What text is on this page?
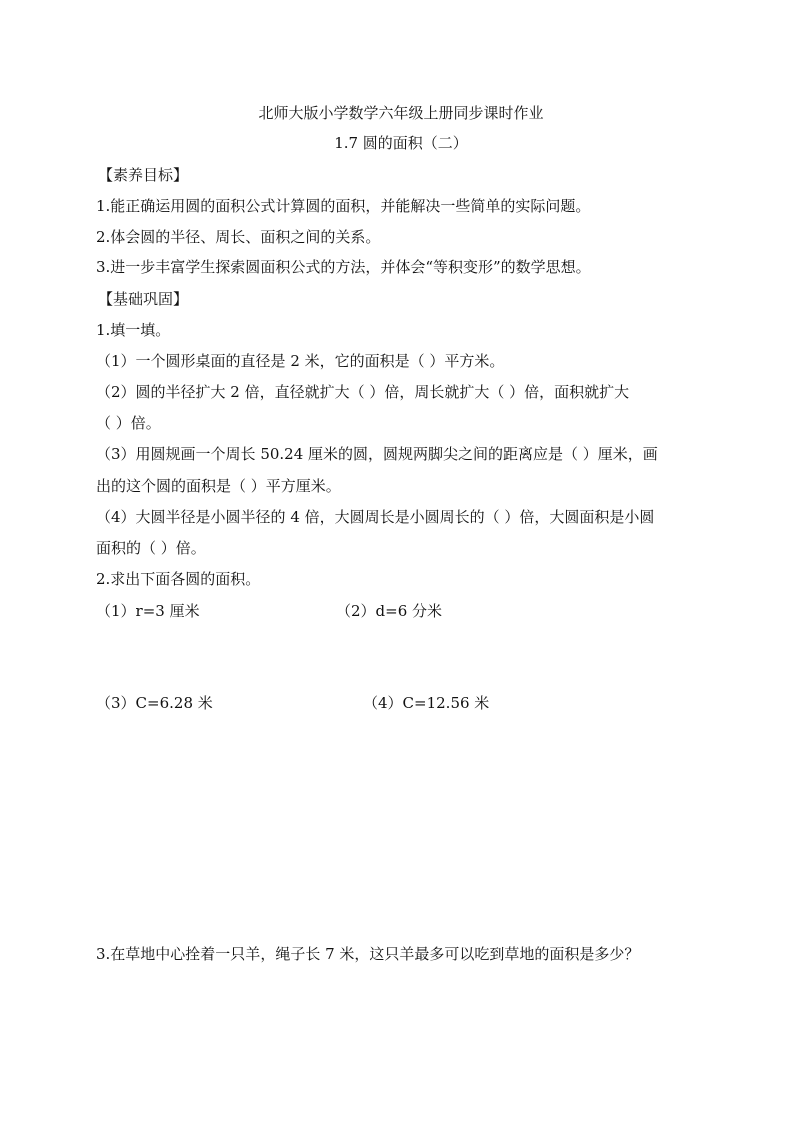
北师大版小学数学六年级上册同步课时作业
1.7 圆的面积（二）
【素养目标】
1.能正确运用圆的面积公式计算圆的面积，并能解决一些简单的实际问题。
2.体会圆的半径、周长、面积之间的关系。
3.进一步丰富学生探索圆面积公式的方法，并体会“等积变形”的数学思想。
【基础巩固】
1.填一填。
（1）一个圆形桌面的直径是 2 米，它的面积是（ ）平方米。
（2）圆的半径扩大 2 倍，直径就扩大（ ）倍，周长就扩大（ ）倍，面积就扩大
（ ）倍。
（3）用圆规画一个周长 50.24 厘米的圆，圆规两脚尖之间的距离应是（ ）厘米，画
出的这个圆的面积是（ ）平方厘米。
（4）大圆半径是小圆半径的 4 倍，大圆周长是小圆周长的（ ）倍，大圆面积是小圆
面积的（ ）倍。
2.求出下面各圆的面积。
（1）r=3 厘米	（2）d=6 分米
（3）C=6.28 米	（4）C=12.56 米
3.在草地中心拴着一只羊，绳子长 7 米，这只羊最多可以吃到草地的面积是多少？
